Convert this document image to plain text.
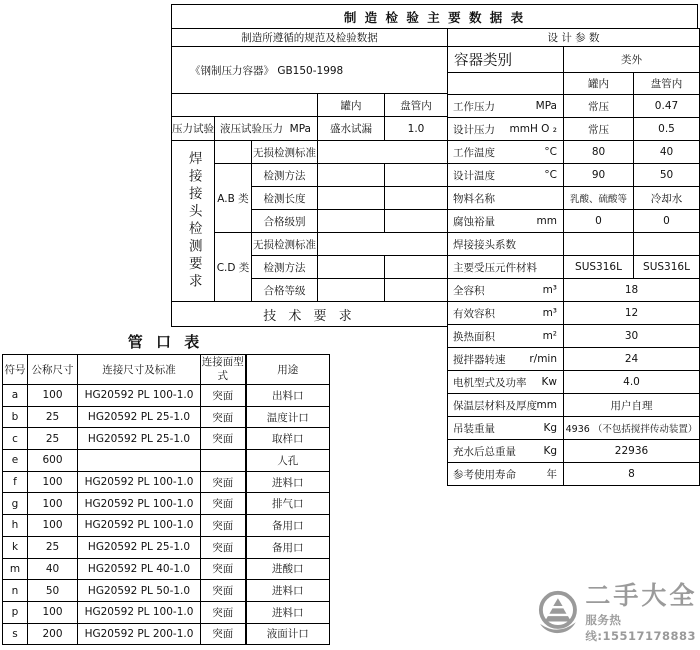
制 造 检 验 主 要 数 据 表
制造所遵循的规范及检验数据				
《钢制压力容器》 GB150-1998				
			罐内	盘管内
压力试验	液压试验压力 MPa		盛水试漏	1.0

焊接接头检测要求		无损检测标准		
	A.B 类	检测方法		
		检测长度		
		合格级别		
	C.D 类	无损检测标准		
		检测方法		
		合格等级		
技 术 要 求				
设 计 参 数		
容器类别	类外	
	罐内	盘管内
工作压力 MPa	常压	0.47
设计压力 mmH O ₂	常压	0.5
工作温度 °C	80	40
设计温度 °C	90	50
物料名称	乳酸、硫酸等	冷却水
腐蚀裕量 mm	0	0
焊接接头系数

主要受压元件材料	SUS316L	SUS316L
全容积 m³	18	
有效容积 m³	12	
换热面积 m²	30	
搅拌器转速 r/min	24	
电机型式及功率 Kw	4.0	
保温层材料及厚度 mm	用户自理	
吊装重量 Kg	4936 （不包括搅拌传动装置）	
充水后总重量 Kg	22936	
参考使用寿命 年	8	
管 口 表
符号	公称尺寸	连接尺寸及标准	连接面型式	用途
a	100	HG20592 PL 100-1.0	突面	出料口
b	25	HG20592 PL 25-1.0	突面	温度计口
c	25	HG20592 PL 25-1.0	突面	取样口
e	600			人孔
f	100	HG20592 PL 100-1.0	突面	进料口
g	100	HG20592 PL 100-1.0	突面	排气口
h	100	HG20592 PL 100-1.0	突面	备用口
k	25	HG20592 PL 25-1.0	突面	备用口
m	40	HG20592 PL 40-1.0	突面	进酸口
n	50	HG20592 PL 50-1.0	突面	进料口
p	100	HG20592 PL 100-1.0	突面	进料口
s	200	HG20592 PL 200-1.0	突面	液面计口
二手大全
服务热线:15517178883
